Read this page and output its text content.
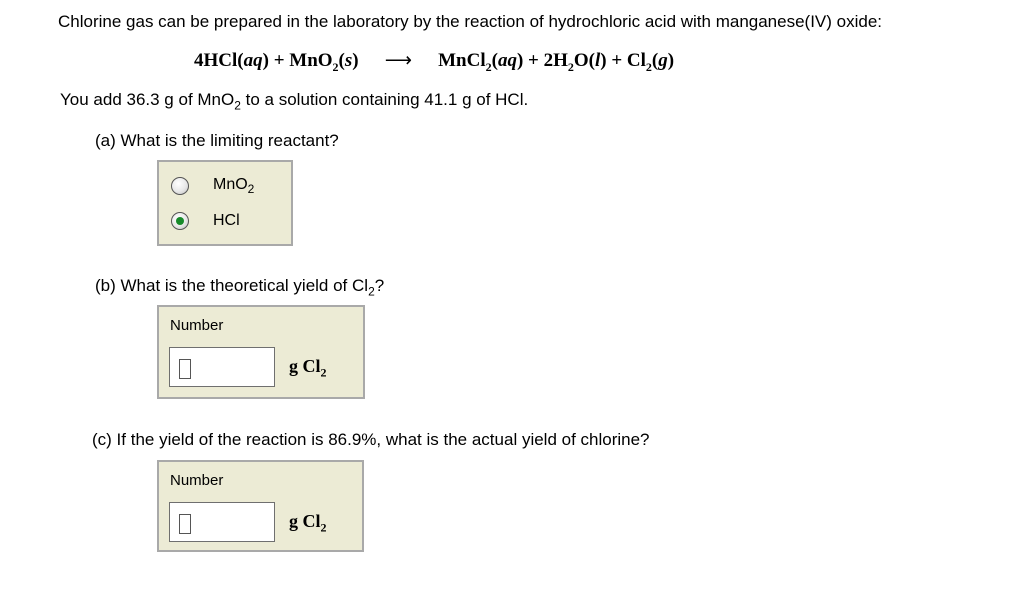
Chlorine gas can be prepared in the laboratory by the reaction of hydrochloric acid with manganese(IV) oxide:
4HCl(aq) + MnO$_2$(s) ⟶ MnCl$_2$(aq) + $2H_2O(l) + Cl_2(g)$
You add 36.3 g of MnO$_2$ to a solution containing 41.1 g of HCl.
(a) What is the limiting reactant?
MnO$_2$
HCl
(b) What is the theoretical yield of $Cl_2$?
Number
g $Cl_2$
(c) If the yield of the reaction is 86.9%, what is the actual yield of chlorine?
Number
g $Cl_2$
